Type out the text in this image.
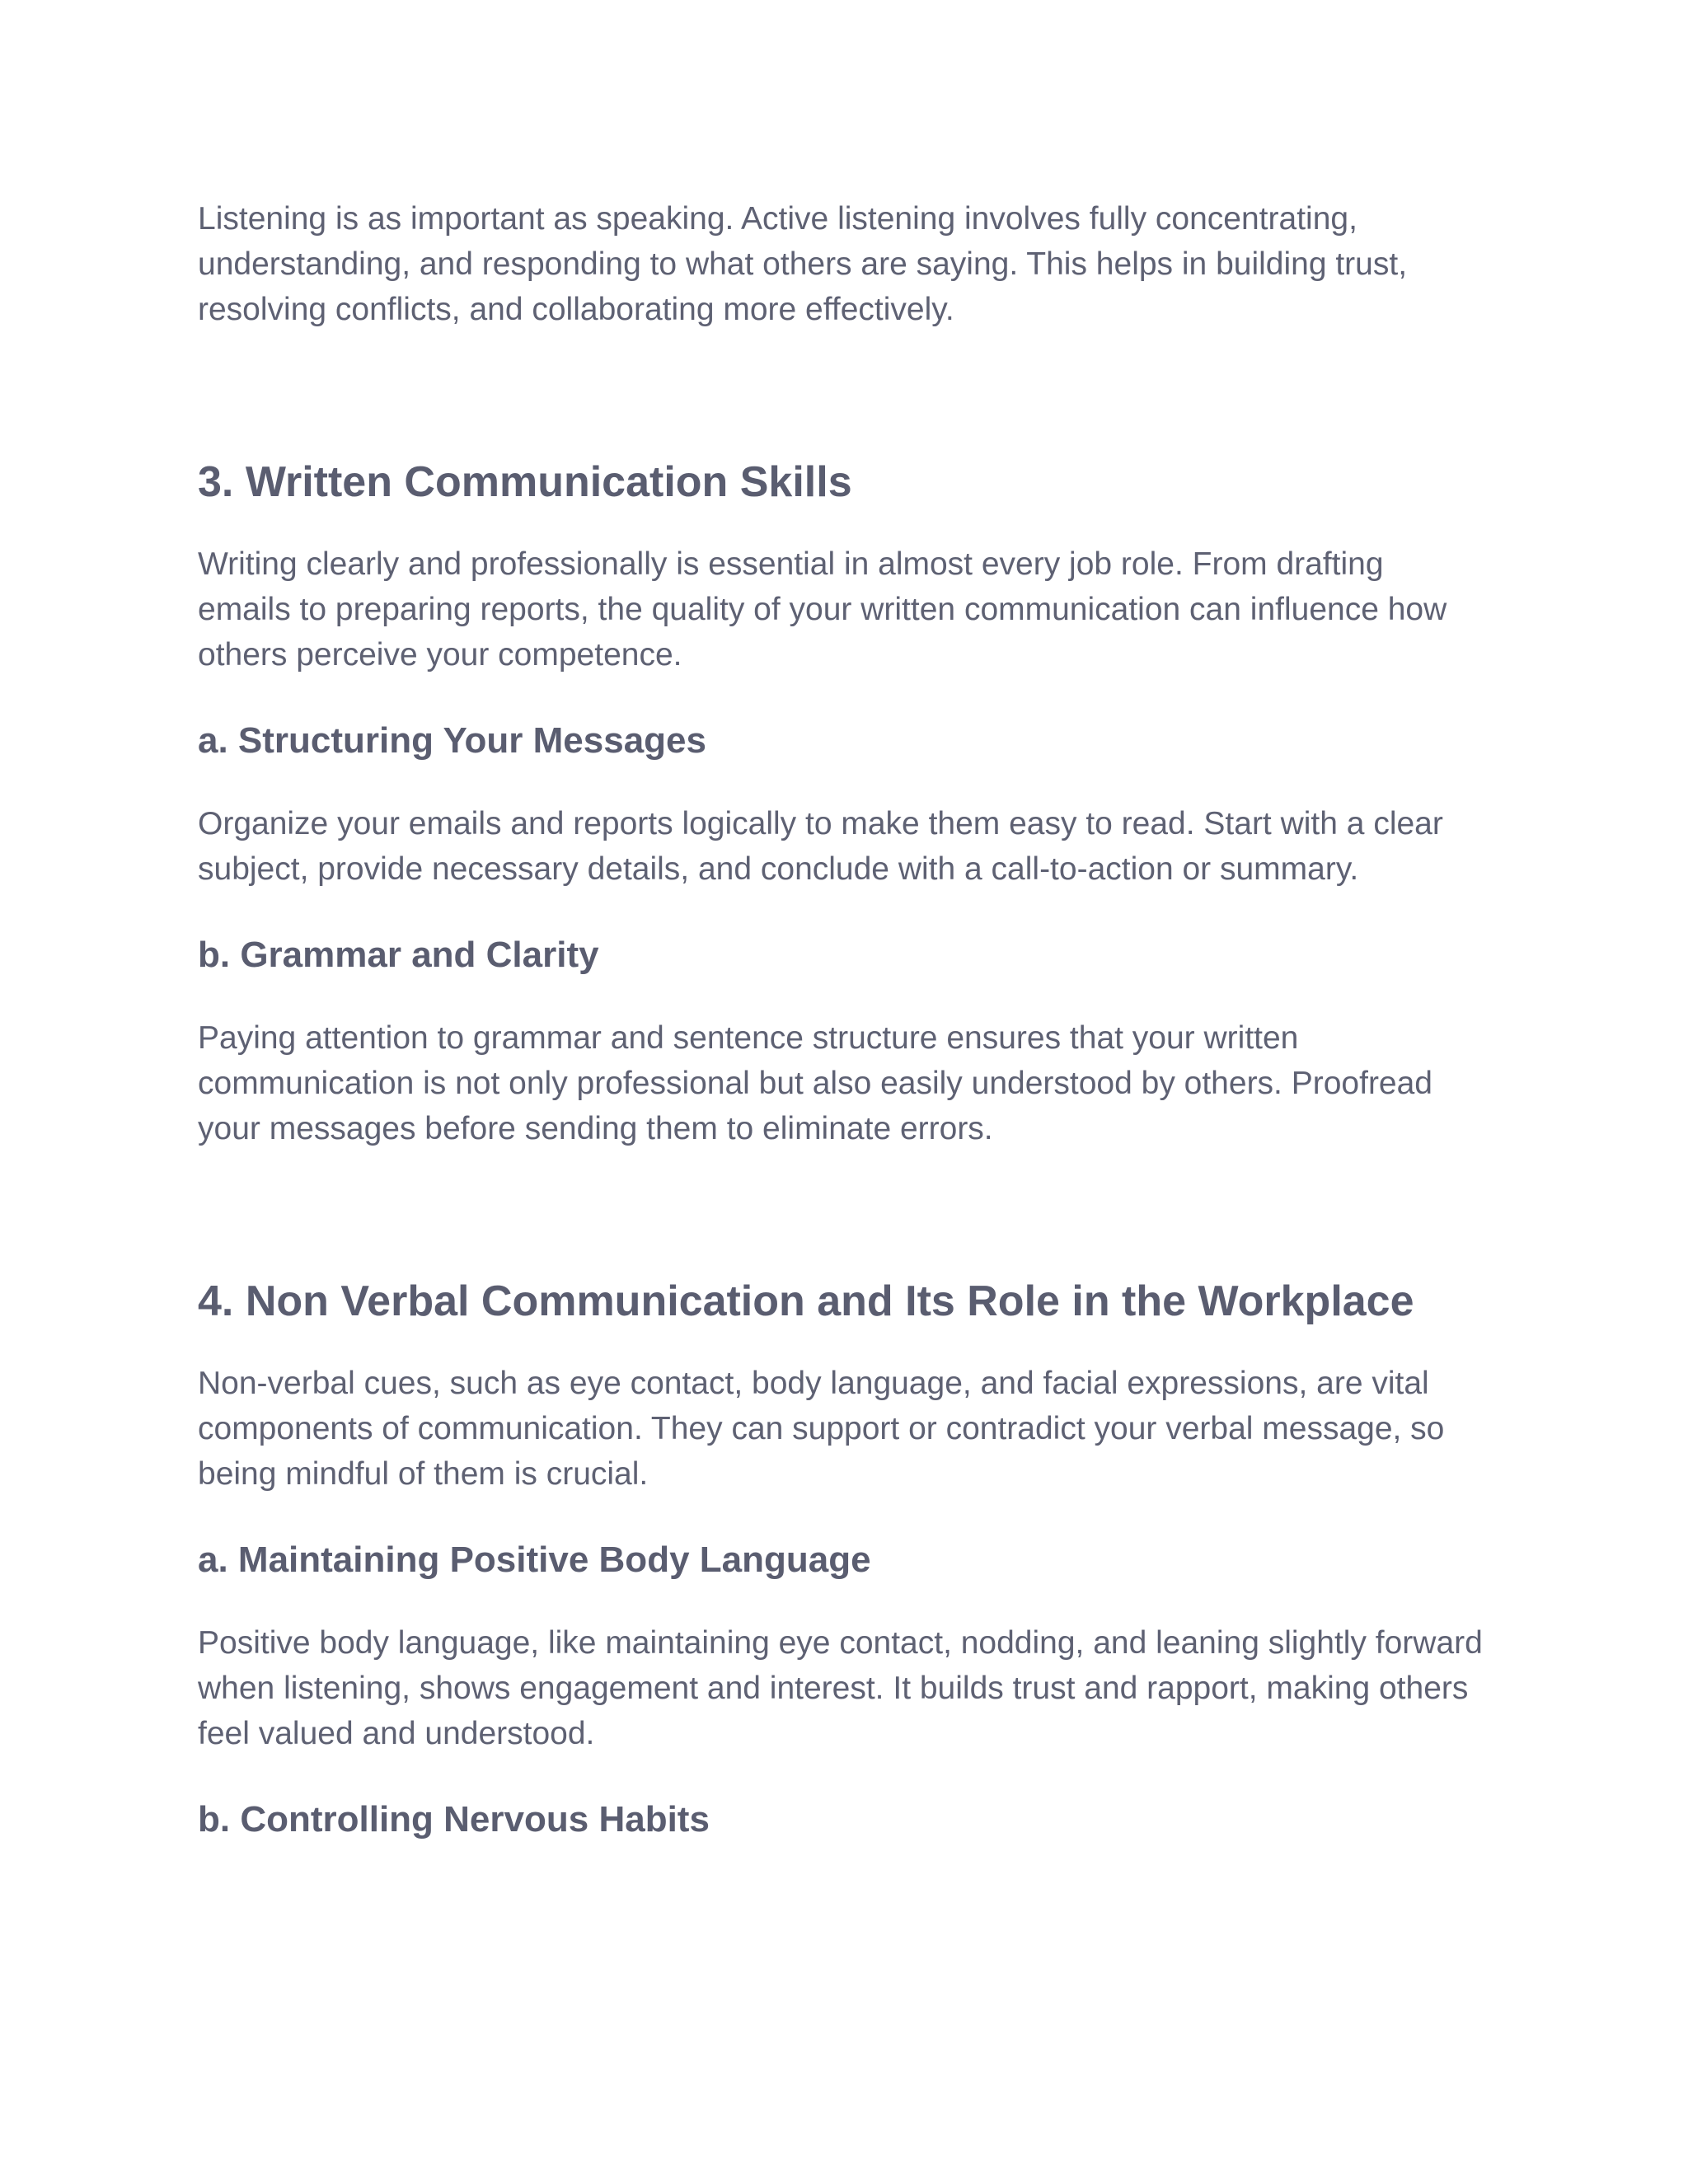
Listening is as important as speaking. Active listening involves fully concentrating, understanding, and responding to what others are saying. This helps in building trust, resolving conflicts, and collaborating more effectively.

3. Written Communication Skills

Writing clearly and professionally is essential in almost every job role. From drafting emails to preparing reports, the quality of your written communication can influence how others perceive your competence.

a. Structuring Your Messages

Organize your emails and reports logically to make them easy to read. Start with a clear subject, provide necessary details, and conclude with a call-to-action or summary.

b. Grammar and Clarity

Paying attention to grammar and sentence structure ensures that your written communication is not only professional but also easily understood by others. Proofread your messages before sending them to eliminate errors.

4. Non Verbal Communication and Its Role in the Workplace

Non-verbal cues, such as eye contact, body language, and facial expressions, are vital components of communication. They can support or contradict your verbal message, so being mindful of them is crucial.

a. Maintaining Positive Body Language

Positive body language, like maintaining eye contact, nodding, and leaning slightly forward when listening, shows engagement and interest. It builds trust and rapport, making others feel valued and understood.

b. Controlling Nervous Habits
